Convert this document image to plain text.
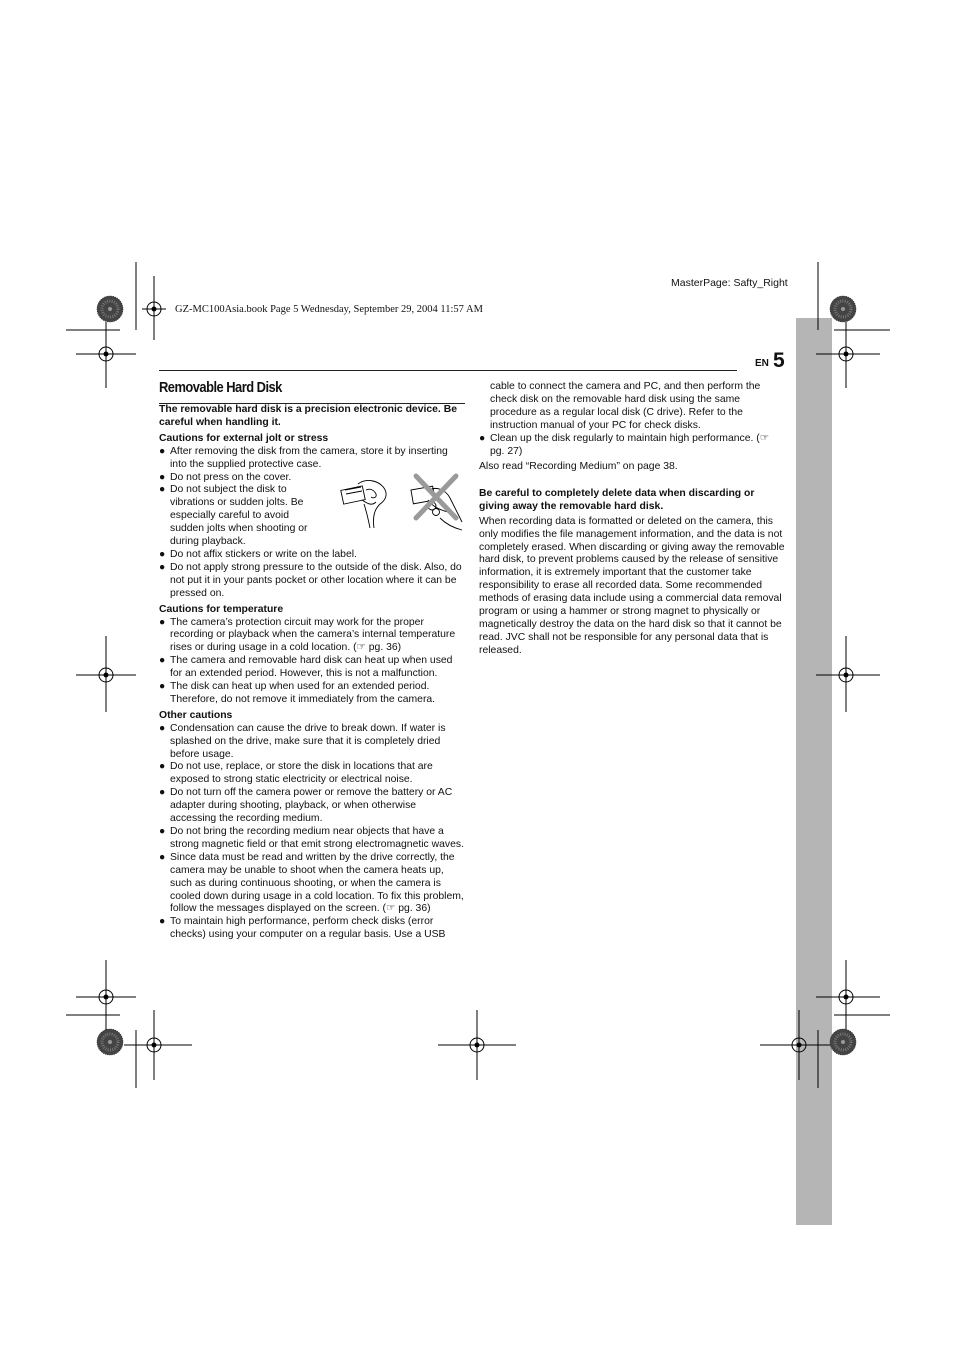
MasterPage: Safty_Right
GZ-MC100Asia.book Page 5 Wednesday, September 29, 2004 11:57 AM
EN 5

Removable Hard Disk

The removable hard disk is a precision electronic device. Be careful when handling it.

Cautions for external jolt or stress

● After removing the disk from the camera, store it by inserting into the supplied protective case.
● Do not press on the cover.
● Do not subject the disk to vibrations or sudden jolts. Be especially careful to avoid sudden jolts when shooting or during playback.
● Do not affix stickers or write on the label.
● Do not apply strong pressure to the outside of the disk. Also, do not put it in your pants pocket or other location where it can be pressed on.

Cautions for temperature

● The camera’s protection circuit may work for the proper recording or playback when the camera’s internal temperature rises or during usage in a cold location. (☞ pg. 36)
● The camera and removable hard disk can heat up when used for an extended period. However, this is not a malfunction.
● The disk can heat up when used for an extended period. Therefore, do not remove it immediately from the camera.

Other cautions

● Condensation can cause the drive to break down. If water is splashed on the drive, make sure that it is completely dried before usage.
● Do not use, replace, or store the disk in locations that are exposed to strong static electricity or electrical noise.
● Do not turn off the camera power or remove the battery or AC adapter during shooting, playback, or when otherwise accessing the recording medium.
● Do not bring the recording medium near objects that have a strong magnetic field or that emit strong electromagnetic waves.
● Since data must be read and written by the drive correctly, the camera may be unable to shoot when the camera heats up, such as during continuous shooting, or when the camera is cooled down during usage in a cold location. To fix this problem, follow the messages displayed on the screen. (☞ pg. 36)
● To maintain high performance, perform check disks (error checks) using your computer on a regular basis. Use a USB

cable to connect the camera and PC, and then perform the check disk on the removable hard disk using the same procedure as a regular local disk (C drive). Refer to the instruction manual of your PC for check disks.

● Clean up the disk regularly to maintain high performance. (☞ pg. 27)

Also read “Recording Medium” on page 38.

Be careful to completely delete data when discarding or giving away the removable hard disk.

When recording data is formatted or deleted on the camera, this only modifies the file management information, and the data is not completely erased. When discarding or giving away the removable hard disk, to prevent problems caused by the release of sensitive information, it is extremely important that the customer take responsibility to erase all recorded data. Some recommended methods of erasing data include using a commercial data removal program or using a hammer or strong magnet to physically or magnetically destroy the data on the hard disk so that it cannot be read. JVC shall not be responsible for any personal data that is released.
